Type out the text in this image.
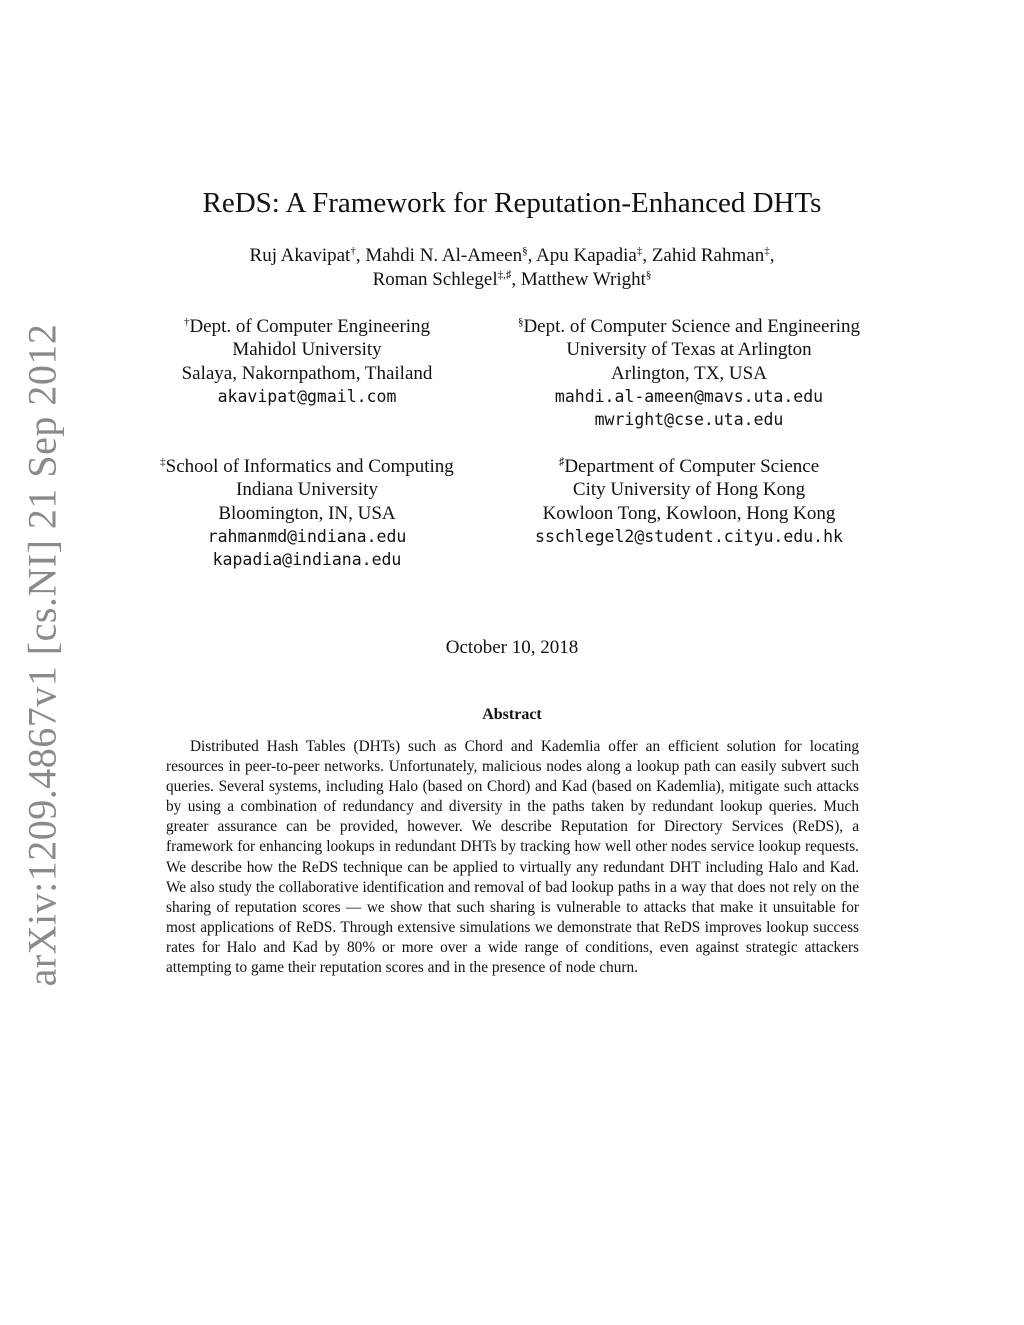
arXiv:1209.4867v1 [cs.NI] 21 Sep 2012
ReDS: A Framework for Reputation-Enhanced DHTs
Ruj Akavipat†, Mahdi N. Al-Ameen§, Apu Kapadia‡, Zahid Rahman‡,
Roman Schlegel‡,♯, Matthew Wright§
†Dept. of Computer Engineering
Mahidol University
Salaya, Nakornpathom, Thailand
akavipat@gmail.com
§Dept. of Computer Science and Engineering
University of Texas at Arlington
Arlington, TX, USA
mahdi.al-ameen@mavs.uta.edu
mwright@cse.uta.edu
‡School of Informatics and Computing
Indiana University
Bloomington, IN, USA
rahmanmd@indiana.edu
kapadia@indiana.edu
♯Department of Computer Science
City University of Hong Kong
Kowloon Tong, Kowloon, Hong Kong
sschlegel2@student.cityu.edu.hk
October 10, 2018
Abstract

Distributed Hash Tables (DHTs) such as Chord and Kademlia offer an efficient solution for locating resources in peer-to-peer networks. Unfortunately, malicious nodes along a lookup path can easily subvert such queries. Several systems, including Halo (based on Chord) and Kad (based on Kademlia), mitigate such attacks by using a combination of redundancy and diversity in the paths taken by redundant lookup queries. Much greater assurance can be provided, however. We describe Reputation for Directory Services (ReDS), a framework for enhancing lookups in redundant DHTs by tracking how well other nodes service lookup requests. We describe how the ReDS technique can be applied to virtually any redundant DHT including Halo and Kad. We also study the collaborative identification and removal of bad lookup paths in a way that does not rely on the sharing of reputation scores — we show that such sharing is vulnerable to attacks that make it unsuitable for most applications of ReDS. Through extensive simulations we demonstrate that ReDS improves lookup success rates for Halo and Kad by 80% or more over a wide range of conditions, even against strategic attackers attempting to game their reputation scores and in the presence of node churn.
